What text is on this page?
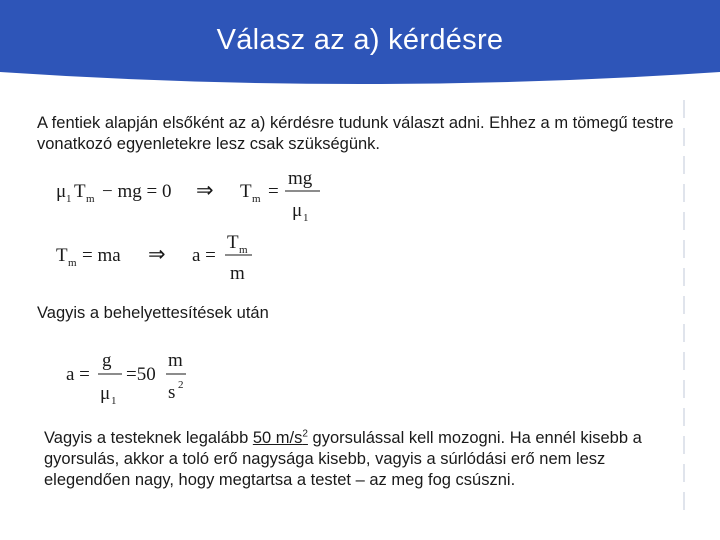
Válasz az a) kérdésre

A fentiek alapján elsőként az a) kérdésre tudunk választ adni. Ehhez a m tömegű testre vonatkozó egyenletekre lesz csak szükségünk.

μ 1 T m − mg = 0 ⇒ T m =
mg
μ 1
T m = ma ⇒ a =
T m
m

Vagyis a behelyettesítések után

a =
g
μ 1
=50
m
s 2

Vagyis a testeknek legalább 50 $m/s^2$ gyorsulással kell mozogni. Ha ennél kisebb a gyorsulás, akkor a toló erő nagysága kisebb, vagyis a súrlódási erő nem lesz elegendően nagy, hogy megtartsa a testet – az meg fog csúszni.
